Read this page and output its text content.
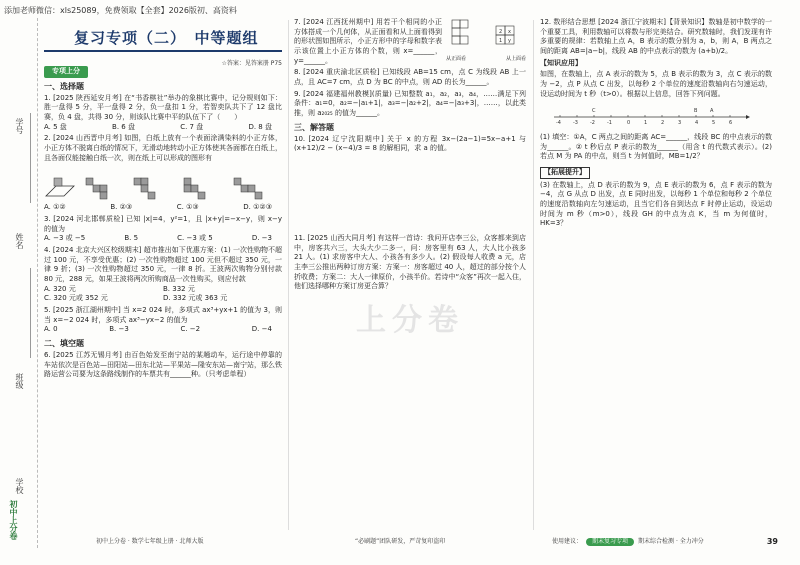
添加老师微信：xls25089，免费领取【全套】2026版初、高资料
学号
姓名
班级
学校
初中上分卷
复习专项（二）　中等题组
☆答案：见答案册 P75
专项上分
一、选择题
1. [2025 陕西延安月考] 在“书香棋社”举办的象棋比赛中，记分规则如下：胜一盘得 5 分，平一盘得 2 分，负一盘扣 1 分，若智奕队共下了 12 盘比赛，负 4 盘，共得 30 分，则该队比赛中平的队伍下了（　　）
A. 5 盘	B. 6 盘	C. 7 盘	D. 8 盘
2. [2024 山西晋中月考] 如图，白纸上放有一个表面涂满染料的小正方体，小正方体不脱离白纸的情况下，无滑动地转动小正方体使其各面都在白纸上，且各面仅能接触白纸一次，则在纸上可以形成的图形有
A. ①②	B. ②③	C. ①③	D. ①②③
3. [2024 河北邯郸质检] 已知 |x|=4，y²=1，且 |x+y|=−x−y，则 x−y 的值为
A. −3 或 −5	B. 5	C. −3 或 5	D. −3
4. [2024 北京大兴区校级期末] 超市推出如下优惠方案：(1) 一次性购物不超过 100 元，不享受优惠；(2) 一次性购物超过 100 元但不超过 350 元，一律 9 折；(3) 一次性购物超过 350 元，一律 8 折。王波两次购物分别付款 80 元，288 元，如果王波将两次所购商品一次性购买，则应付款
A. 320 元	B. 332 元
C. 320 元或 352 元	D. 332 元或 363 元
5. [2025 浙江湖州期中] 当 x=2 024 时，多项式 ax³+yx+1 的值为 3，则当 x=−2 024 时，多项式 ax³−yx−2 的值为
A. 0	B. −3	C. −2	D. −4
二、填空题
6. [2025 江苏无锡月考] 由百色始发至南宁站的某趟动车，运行途中停靠的车站依次是百色站—田阳站—田东北站—平果站—隆安东站—南宁站，那么铁路运营公司要为这条路线制作的车票共有______种。（只考虑单程）
7. [2024 江西抚州期中] 用若干个相同的小正方体搭成一个几何体，从正面看和从上面看得到的形状图如图所示，小正方形中的字母和数字表示该位置上小正方体的个数，则 x=______，y=______。
2 x
1 y
从正面看	从上面看
8. [2024 重庆渝北区质检] 已知线段 AB=15 cm，点 C 为线段 AB 上一点，且 AC=7 cm，点 D 为 BC 的中点，则 AD 的长为______。
9. [2024 福建福州教模](质量) 已知整数 a₁，a₂，a₃，a₄，……满足下列条件：a₁=0，a₂=−|a₁+1|，a₃=−|a₂+2|，a₄=−|a₃+3|，……，以此类推，则 a₂₀₂₅ 的值为______。
三、解答题
10. [2024 辽宁沈阳期中] 关于 x 的方程 3x−(2a−1)=5x−a+1 与 (x+12)/2 − (x−4)/3 = 8 的解相同，求 a 的值。
11. [2025 山西大同月考] 有这样一首诗：我问开店李三公，众客都来到店中，房客共六三，大头大少二多一，问：房客里有 63 人，大人比小孩多 21 人。(1) 求房客中大人、小孩各有多少人。(2) 假设每人收费 a 元，店主李三公推出两种订房方案：方案一：房客超过 40 人，超过的部分按个人折收费；方案二：大人一律原价，小孩半价。若诗中“众客”再次一起入住，他们选择哪种方案订房更合算？
上分卷
12. 数形结合思想 [2024 浙江宁波期末]【背景知识】数轴是初中数学的一个重要工具，利用数轴可以将数与形完美结合。研究数轴时，我们发现有许多重要的规律：若数轴上点 A，B 表示的数分别为 a，b，则 A，B 两点之间的距离 AB=|a−b|，线段 AB 的中点表示的数为 (a+b)/2。
【知识应用】
如图，在数轴上，点 A 表示的数为 5，点 B 表示的数为 3，点 C 表示的数为 −2，点 P 从点 C 出发，以每秒 2 个单位的速度沿数轴向右匀速运动，设运动时间为 t 秒（t>0）。根据以上信息，回答下列问题。
-4 -3 -2 -1	0	1	2	3	4	5	6
C	B	A
(1) 填空：①A，C 两点之间的距离 AC=______，线段 BC 的中点表示的数为______。② t 秒后点 P 表示的数为______（用含 t 的代数式表示）。(2) 若点 M 为 PA 的中点，则当 t 为何值时，MB=1/2？
【拓展提升】
(3) 在数轴上，点 D 表示的数为 9，点 E 表示的数为 6，点 F 表示的数为 −4，点 G 从点 D 出发，点 E 同时出发，以每秒 1 个单位和每秒 2 个单位的速度沿数轴向左匀速运动，且当它们各自到达点 F 时停止运动，设运动时间为 m 秒（m>0），线段 GH 的中点为点 K，当 m 为何值时，HK=3？
初中上分卷 · 数学七年级上册 · 北师大版	“必刷题”团队研发，严苛复印盗印	使用建议： 期末复习专项 期末综合检测 · 全力冲分	39
